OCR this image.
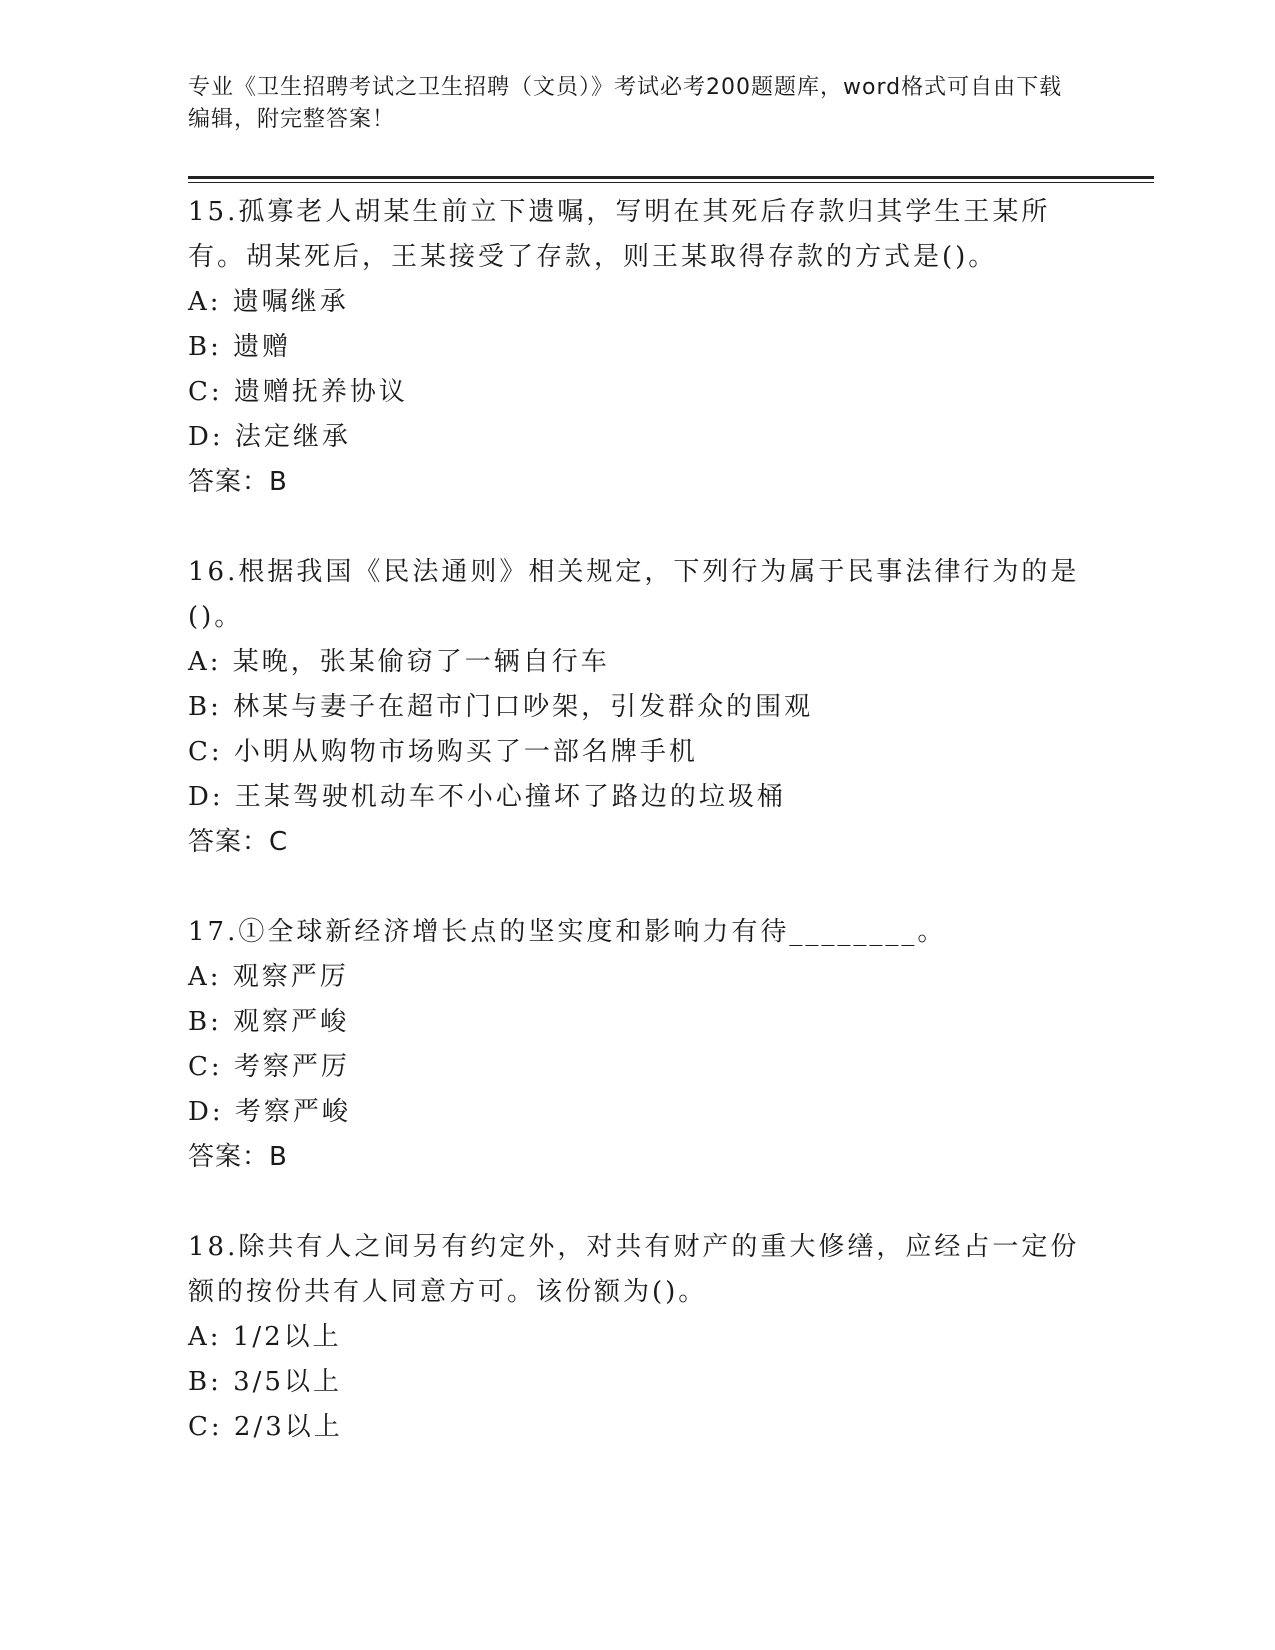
专业《卫生招聘考试之卫生招聘（文员）》考试必考200题题库，word格式可自由下载编辑，附完整答案！

15.孤寡老人胡某生前立下遗嘱，写明在其死后存款归其学生王某所有。胡某死后，王某接受了存款，则王某取得存款的方式是()。

A: 遗嘱继承

B: 遗赠

C: 遗赠抚养协议

D: 法定继承

答案：B

16.根据我国《民法通则》相关规定，下列行为属于民事法律行为的是()。

A: 某晚，张某偷窃了一辆自行车

B: 林某与妻子在超市门口吵架，引发群众的围观

C: 小明从购物市场购买了一部名牌手机

D: 王某驾驶机动车不小心撞坏了路边的垃圾桶

答案：C

17.①全球新经济增长点的坚实度和影响力有待________。

A: 观察严厉

B: 观察严峻

C: 考察严厉

D: 考察严峻

答案：B

18.除共有人之间另有约定外，对共有财产的重大修缮，应经占一定份额的按份共有人同意方可。该份额为()。

A: 1/2以上

B: 3/5以上

C: 2/3以上
